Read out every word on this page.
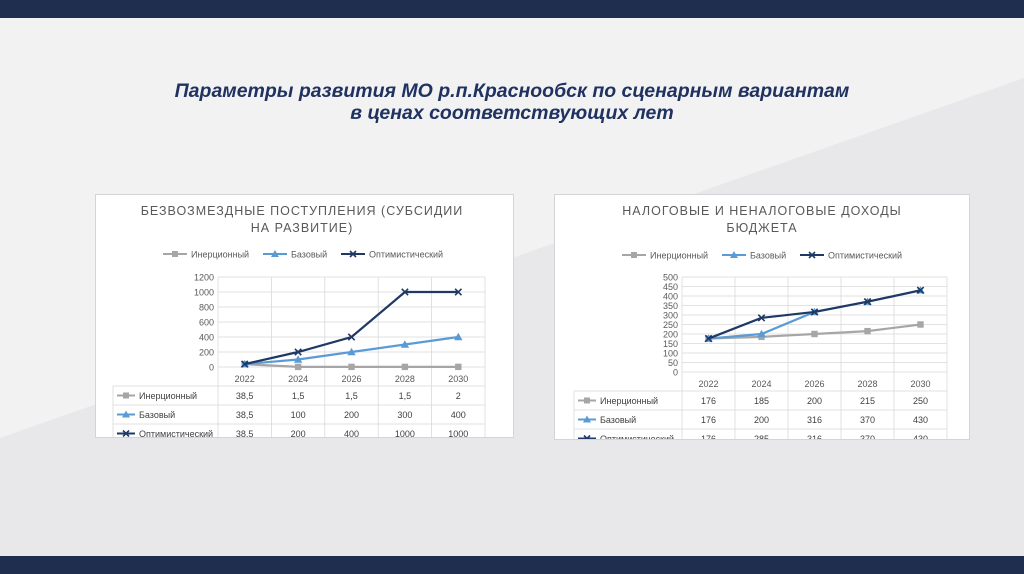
Параметры развития МО р.п.Краснообск по сценарным вариантам
в ценах соответствующих лет
БЕЗВОЗМЕЗДНЫЕ ПОСТУПЛЕНИЯ (СУБСИДИИ
НА РАЗВИТИЕ)
Инерционный	Базовый	Оптимистический
0
200
400
600
800
1000
1200
2022	2024	2026	2028	2030
Инерционный	38,5	1,5	1,5	1,5	2
Базовый	38,5	100	200	300	400
Оптимистический	38,5	200	400	1000	1000
НАЛОГОВЫЕ И НЕНАЛОГОВЫЕ ДОХОДЫ
БЮДЖЕТА
Инерционный	Базовый	Оптимистический
0
50
100
150
200
250
300
350
400
450
500
2022	2024	2026	2028	2030
Инерционный	176	185	200	215	250
Базовый	176	200	316	370	430
Оптимистический	176	285	316	370	430
